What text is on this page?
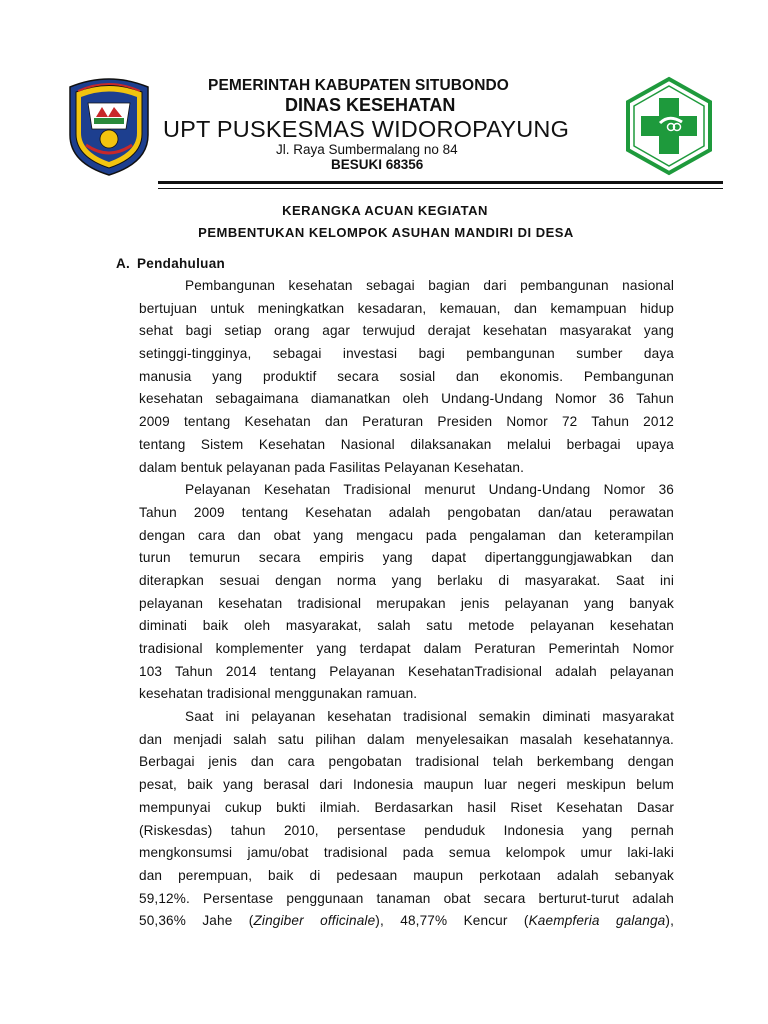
PEMERINTAH KABUPATEN SITUBONDO
DINAS KESEHATAN
UPT PUSKESMAS WIDOROPAYUNG
Jl. Raya Sumbermalang no 84
BESUKI 68356
KERANGKA ACUAN KEGIATAN
PEMBENTUKAN KELOMPOK ASUHAN MANDIRI DI DESA
A. Pendahuluan
Pembangunan kesehatan sebagai bagian dari pembangunan nasional
bertujuan untuk meningkatkan kesadaran, kemauan, dan kemampuan hidup
sehat bagi setiap orang agar terwujud derajat kesehatan masyarakat yang
setinggi-tingginya, sebagai investasi bagi pembangunan sumber daya
manusia yang produktif secara sosial dan ekonomis. Pembangunan
kesehatan sebagaimana diamanatkan oleh Undang-Undang Nomor 36 Tahun
2009 tentang Kesehatan dan Peraturan Presiden Nomor 72 Tahun 2012
tentang Sistem Kesehatan Nasional dilaksanakan melalui berbagai upaya
dalam bentuk pelayanan pada Fasilitas Pelayanan Kesehatan.
Pelayanan Kesehatan Tradisional menurut Undang-Undang Nomor 36
Tahun 2009 tentang Kesehatan adalah pengobatan dan/atau perawatan
dengan cara dan obat yang mengacu pada pengalaman dan keterampilan
turun temurun secara empiris yang dapat dipertanggungjawabkan dan
diterapkan sesuai dengan norma yang berlaku di masyarakat. Saat ini
pelayanan kesehatan tradisional merupakan jenis pelayanan yang banyak
diminati baik oleh masyarakat, salah satu metode pelayanan kesehatan
tradisional komplementer yang terdapat dalam Peraturan Pemerintah Nomor
103 Tahun 2014 tentang Pelayanan KesehatanTradisional adalah pelayanan
kesehatan tradisional menggunakan ramuan.
Saat ini pelayanan kesehatan tradisional semakin diminati masyarakat
dan menjadi salah satu pilihan dalam menyelesaikan masalah kesehatannya.
Berbagai jenis dan cara pengobatan tradisional telah berkembang dengan
pesat, baik yang berasal dari Indonesia maupun luar negeri meskipun belum
mempunyai cukup bukti ilmiah. Berdasarkan hasil Riset Kesehatan Dasar
(Riskesdas) tahun 2010, persentase penduduk Indonesia yang pernah
mengkonsumsi jamu/obat tradisional pada semua kelompok umur laki-laki
dan perempuan, baik di pedesaan maupun perkotaan adalah sebanyak
59,12%. Persentase penggunaan tanaman obat secara berturut-turut adalah
50,36% Jahe (Zingiber officinale), 48,77% Kencur (Kaempferia galanga),
